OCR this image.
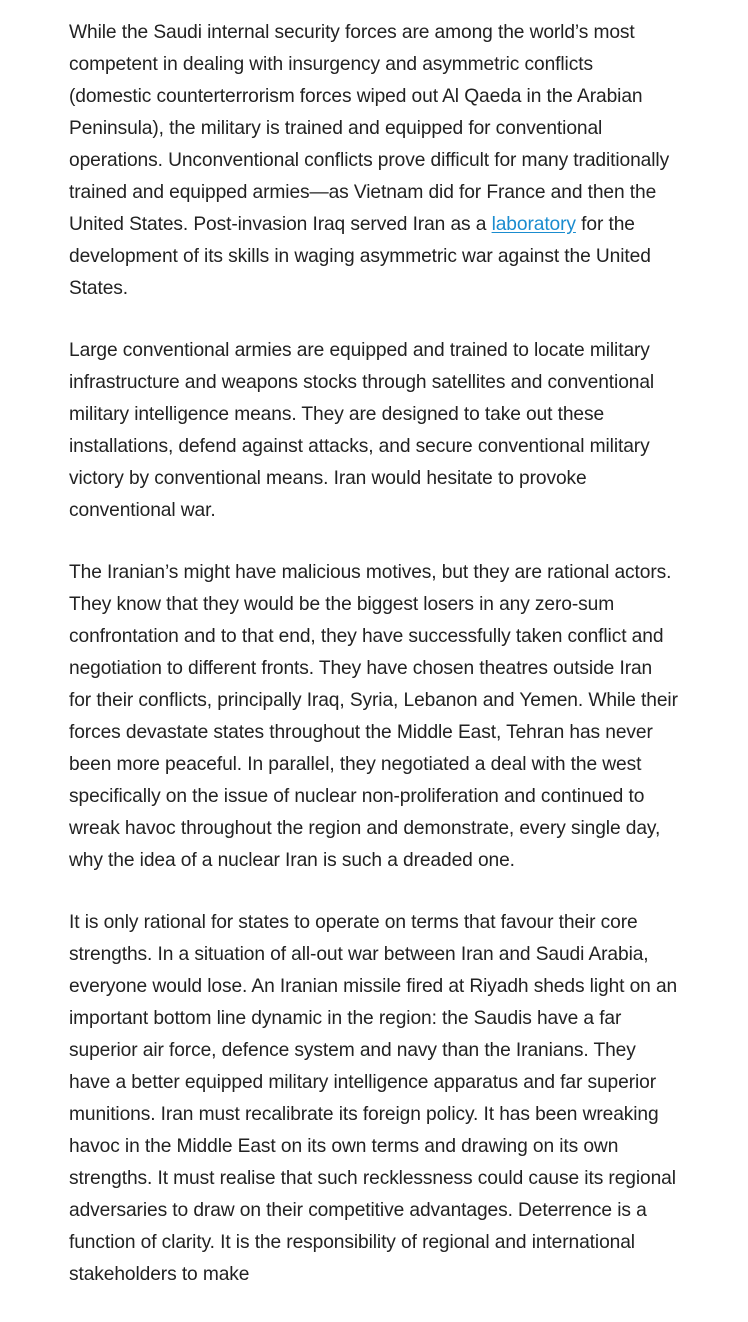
While the Saudi internal security forces are among the world’s most competent in dealing with insurgency and asymmetric conflicts (domestic counterterrorism forces wiped out Al Qaeda in the Arabian Peninsula), the military is trained and equipped for conventional operations. Unconventional conflicts prove difficult for many traditionally trained and equipped armies—as Vietnam did for France and then the United States. Post-invasion Iraq served Iran as a laboratory for the development of its skills in waging asymmetric war against the United States.

Large conventional armies are equipped and trained to locate military infrastructure and weapons stocks through satellites and conventional military intelligence means. They are designed to take out these installations, defend against attacks, and secure conventional military victory by conventional means. Iran would hesitate to provoke conventional war.

The Iranian’s might have malicious motives, but they are rational actors. They know that they would be the biggest losers in any zero-sum confrontation and to that end, they have successfully taken conflict and negotiation to different fronts. They have chosen theatres outside Iran for their conflicts, principally Iraq, Syria, Lebanon and Yemen. While their forces devastate states throughout the Middle East, Tehran has never been more peaceful. In parallel, they negotiated a deal with the west specifically on the issue of nuclear non-proliferation and continued to wreak havoc throughout the region and demonstrate, every single day, why the idea of a nuclear Iran is such a dreaded one.

It is only rational for states to operate on terms that favour their core strengths. In a situation of all-out war between Iran and Saudi Arabia, everyone would lose. An Iranian missile fired at Riyadh sheds light on an important bottom line dynamic in the region: the Saudis have a far superior air force, defence system and navy than the Iranians. They have a better equipped military intelligence apparatus and far superior munitions. Iran must recalibrate its foreign policy. It has been wreaking havoc in the Middle East on its own terms and drawing on its own strengths. It must realise that such recklessness could cause its regional adversaries to draw on their competitive advantages. Deterrence is a function of clarity. It is the responsibility of regional and international stakeholders to make
